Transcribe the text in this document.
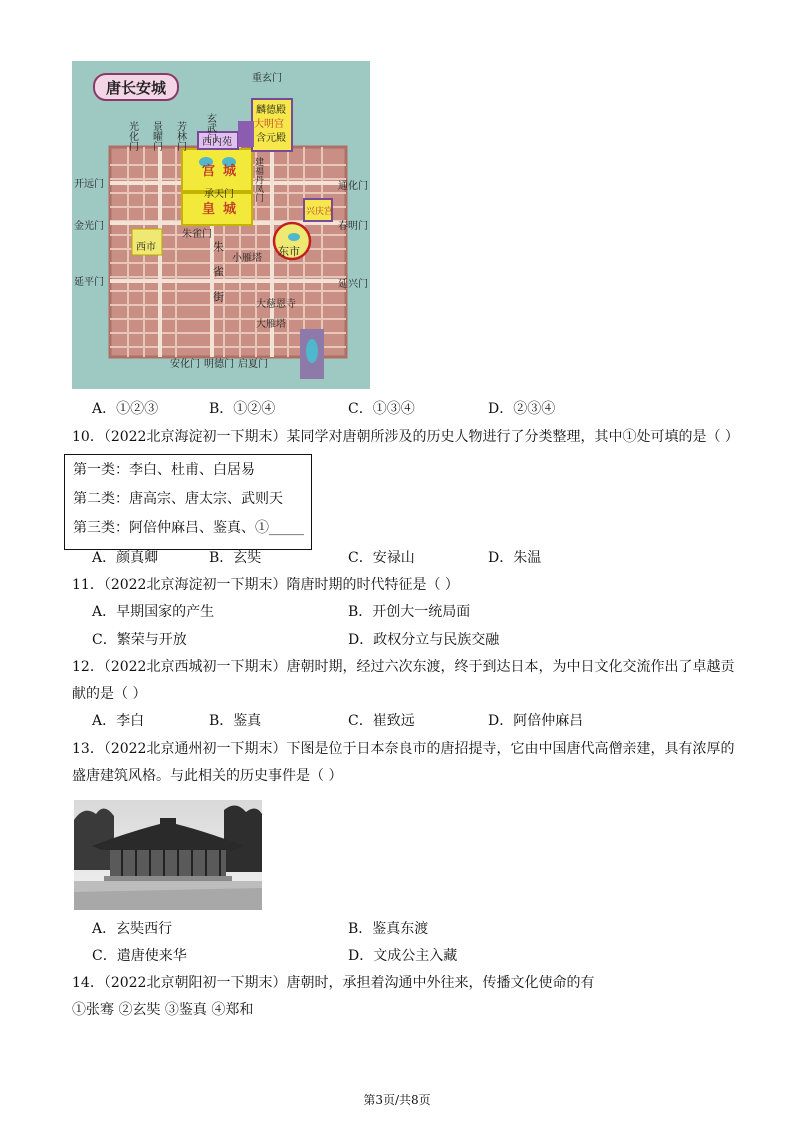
唐长安城
光化门 景曜门 芳林门 玄武门
重玄门
开远门
金光门
延平门
通化门
春明门
延兴门
安化门 明德门 启夏门
麟德殿
大明宫
含元殿
西内苑
建福丹凤门
宫城
承天门
皇城	兴庆宫
朱雀门
西市	东市
朱雀街 小雁塔
大慈恩寺
大雁塔
A．①②③	B．①②④	C．①③④	D．②③④
10．（2022北京海淀初一下期末）某同学对唐朝所涉及的历史人物进行了分类整理，其中①处可填的是（ ）
第一类：李白、杜甫、白居易
第二类：唐高宗、唐太宗、武则天
第三类：阿倍仲麻吕、鉴真、①_____
A．颜真卿	B．玄奘	C．安禄山	D．朱温
11．（2022北京海淀初一下期末）隋唐时期的时代特征是（ ）
A．早期国家的产生	B．开创大一统局面
C．繁荣与开放	D．政权分立与民族交融
12．（2022北京西城初一下期末）唐朝时期，经过六次东渡，终于到达日本，为中日文化交流作出了卓越贡
献的是（ ）
A．李白	B．鉴真	C．崔致远	D．阿倍仲麻吕
13．（2022北京通州初一下期末）下图是位于日本奈良市的唐招提寺，它由中国唐代高僧亲建，具有浓厚的
盛唐建筑风格。与此相关的历史事件是（ ）
A．玄奘西行	B．鉴真东渡
C．遣唐使来华	D．文成公主入藏
14．（2022北京朝阳初一下期末）唐朝时，承担着沟通中外往来，传播文化使命的有
①张骞 ②玄奘 ③鉴真 ④郑和
第3页/共8页
